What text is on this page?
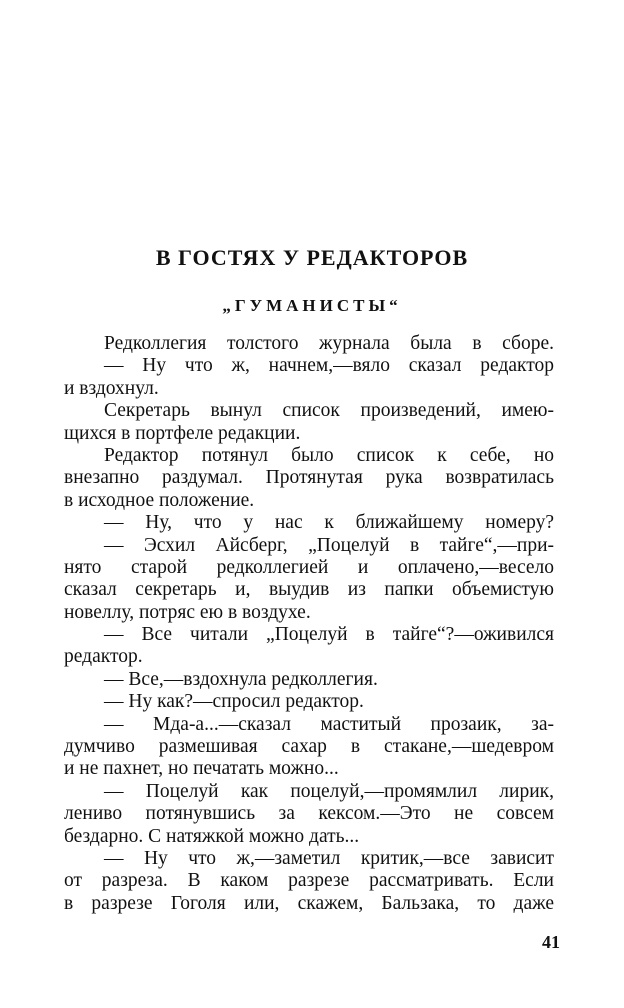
В ГОСТЯХ У РЕДАКТОРОВ
„ГУМАНИСТЫ“
Редколлегия толстого журнала была в сборе.
— Ну что ж, начнем,—вяло сказал редактор
и вздохнул.
Секретарь вынул список произведений, имею-
щихся в портфеле редакции.
Редактор потянул было список к себе, но
внезапно раздумал. Протянутая рука возвратилась
в исходное положение.
— Ну, что у нас к ближайшему номеру?
— Эсхил Айсберг, „Поцелуй в тайге“,—при-
нято старой редколлегией и оплачено,—весело
сказал секретарь и, выудив из папки объемистую
новеллу, потряс ею в воздухе.
— Все читали „Поцелуй в тайге“?—оживился
редактор.
— Все,—вздохнула редколлегия.
— Ну как?—спросил редактор.
— Мда-а...—сказал маститый прозаик, за-
думчиво размешивая сахар в стакане,—шедевром
и не пахнет, но печатать можно...
— Поцелуй как поцелуй,—промямлил лирик,
лениво потянувшись за кексом.—Это не совсем
бездарно. С натяжкой можно дать...
— Ну что ж,—заметил критик,—все зависит
от разреза. В каком разрезе рассматривать. Если
в разрезе Гоголя или, скажем, Бальзака, то даже
41
